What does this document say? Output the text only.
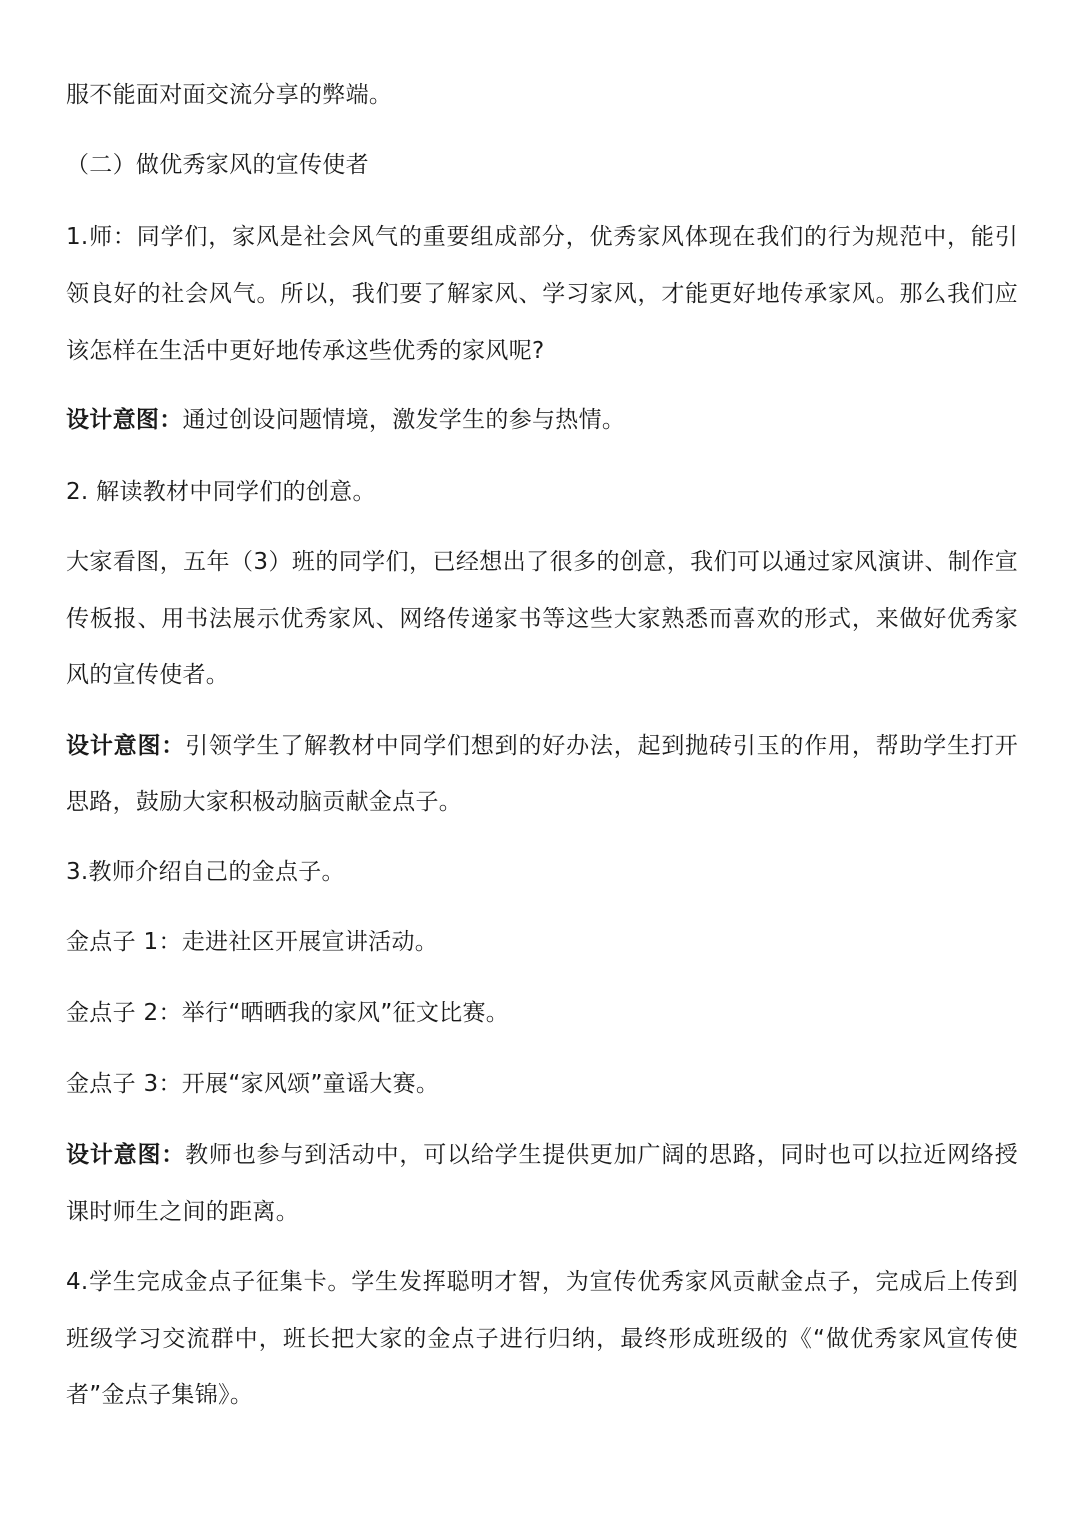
服不能面对面交流分享的弊端。
（二）做优秀家风的宣传使者
1.师：同学们，家风是社会风气的重要组成部分，优秀家风体现在我们的行为规范中，能引
领良好的社会风气。所以，我们要了解家风、学习家风，才能更好地传承家风。那么我们应
该怎样在生活中更好地传承这些优秀的家风呢?
设计意图：通过创设问题情境，激发学生的参与热情。
2. 解读教材中同学们的创意。
大家看图，五年（3）班的同学们，已经想出了很多的创意，我们可以通过家风演讲、制作宣
传板报、用书法展示优秀家风、网络传递家书等这些大家熟悉而喜欢的形式，来做好优秀家
风的宣传使者。
设计意图：引领学生了解教材中同学们想到的好办法，起到抛砖引玉的作用，帮助学生打开
思路，鼓励大家积极动脑贡献金点子。
3.教师介绍自己的金点子。
金点子 1：走进社区开展宣讲活动。
金点子 2：举行“晒晒我的家风”征文比赛。
金点子 3：开展“家风颂”童谣大赛。
设计意图：教师也参与到活动中，可以给学生提供更加广阔的思路，同时也可以拉近网络授
课时师生之间的距离。
4.学生完成金点子征集卡。学生发挥聪明才智，为宣传优秀家风贡献金点子，完成后上传到
班级学习交流群中，班长把大家的金点子进行归纳，最终形成班级的《“做优秀家风宣传使
者”金点子集锦》。
